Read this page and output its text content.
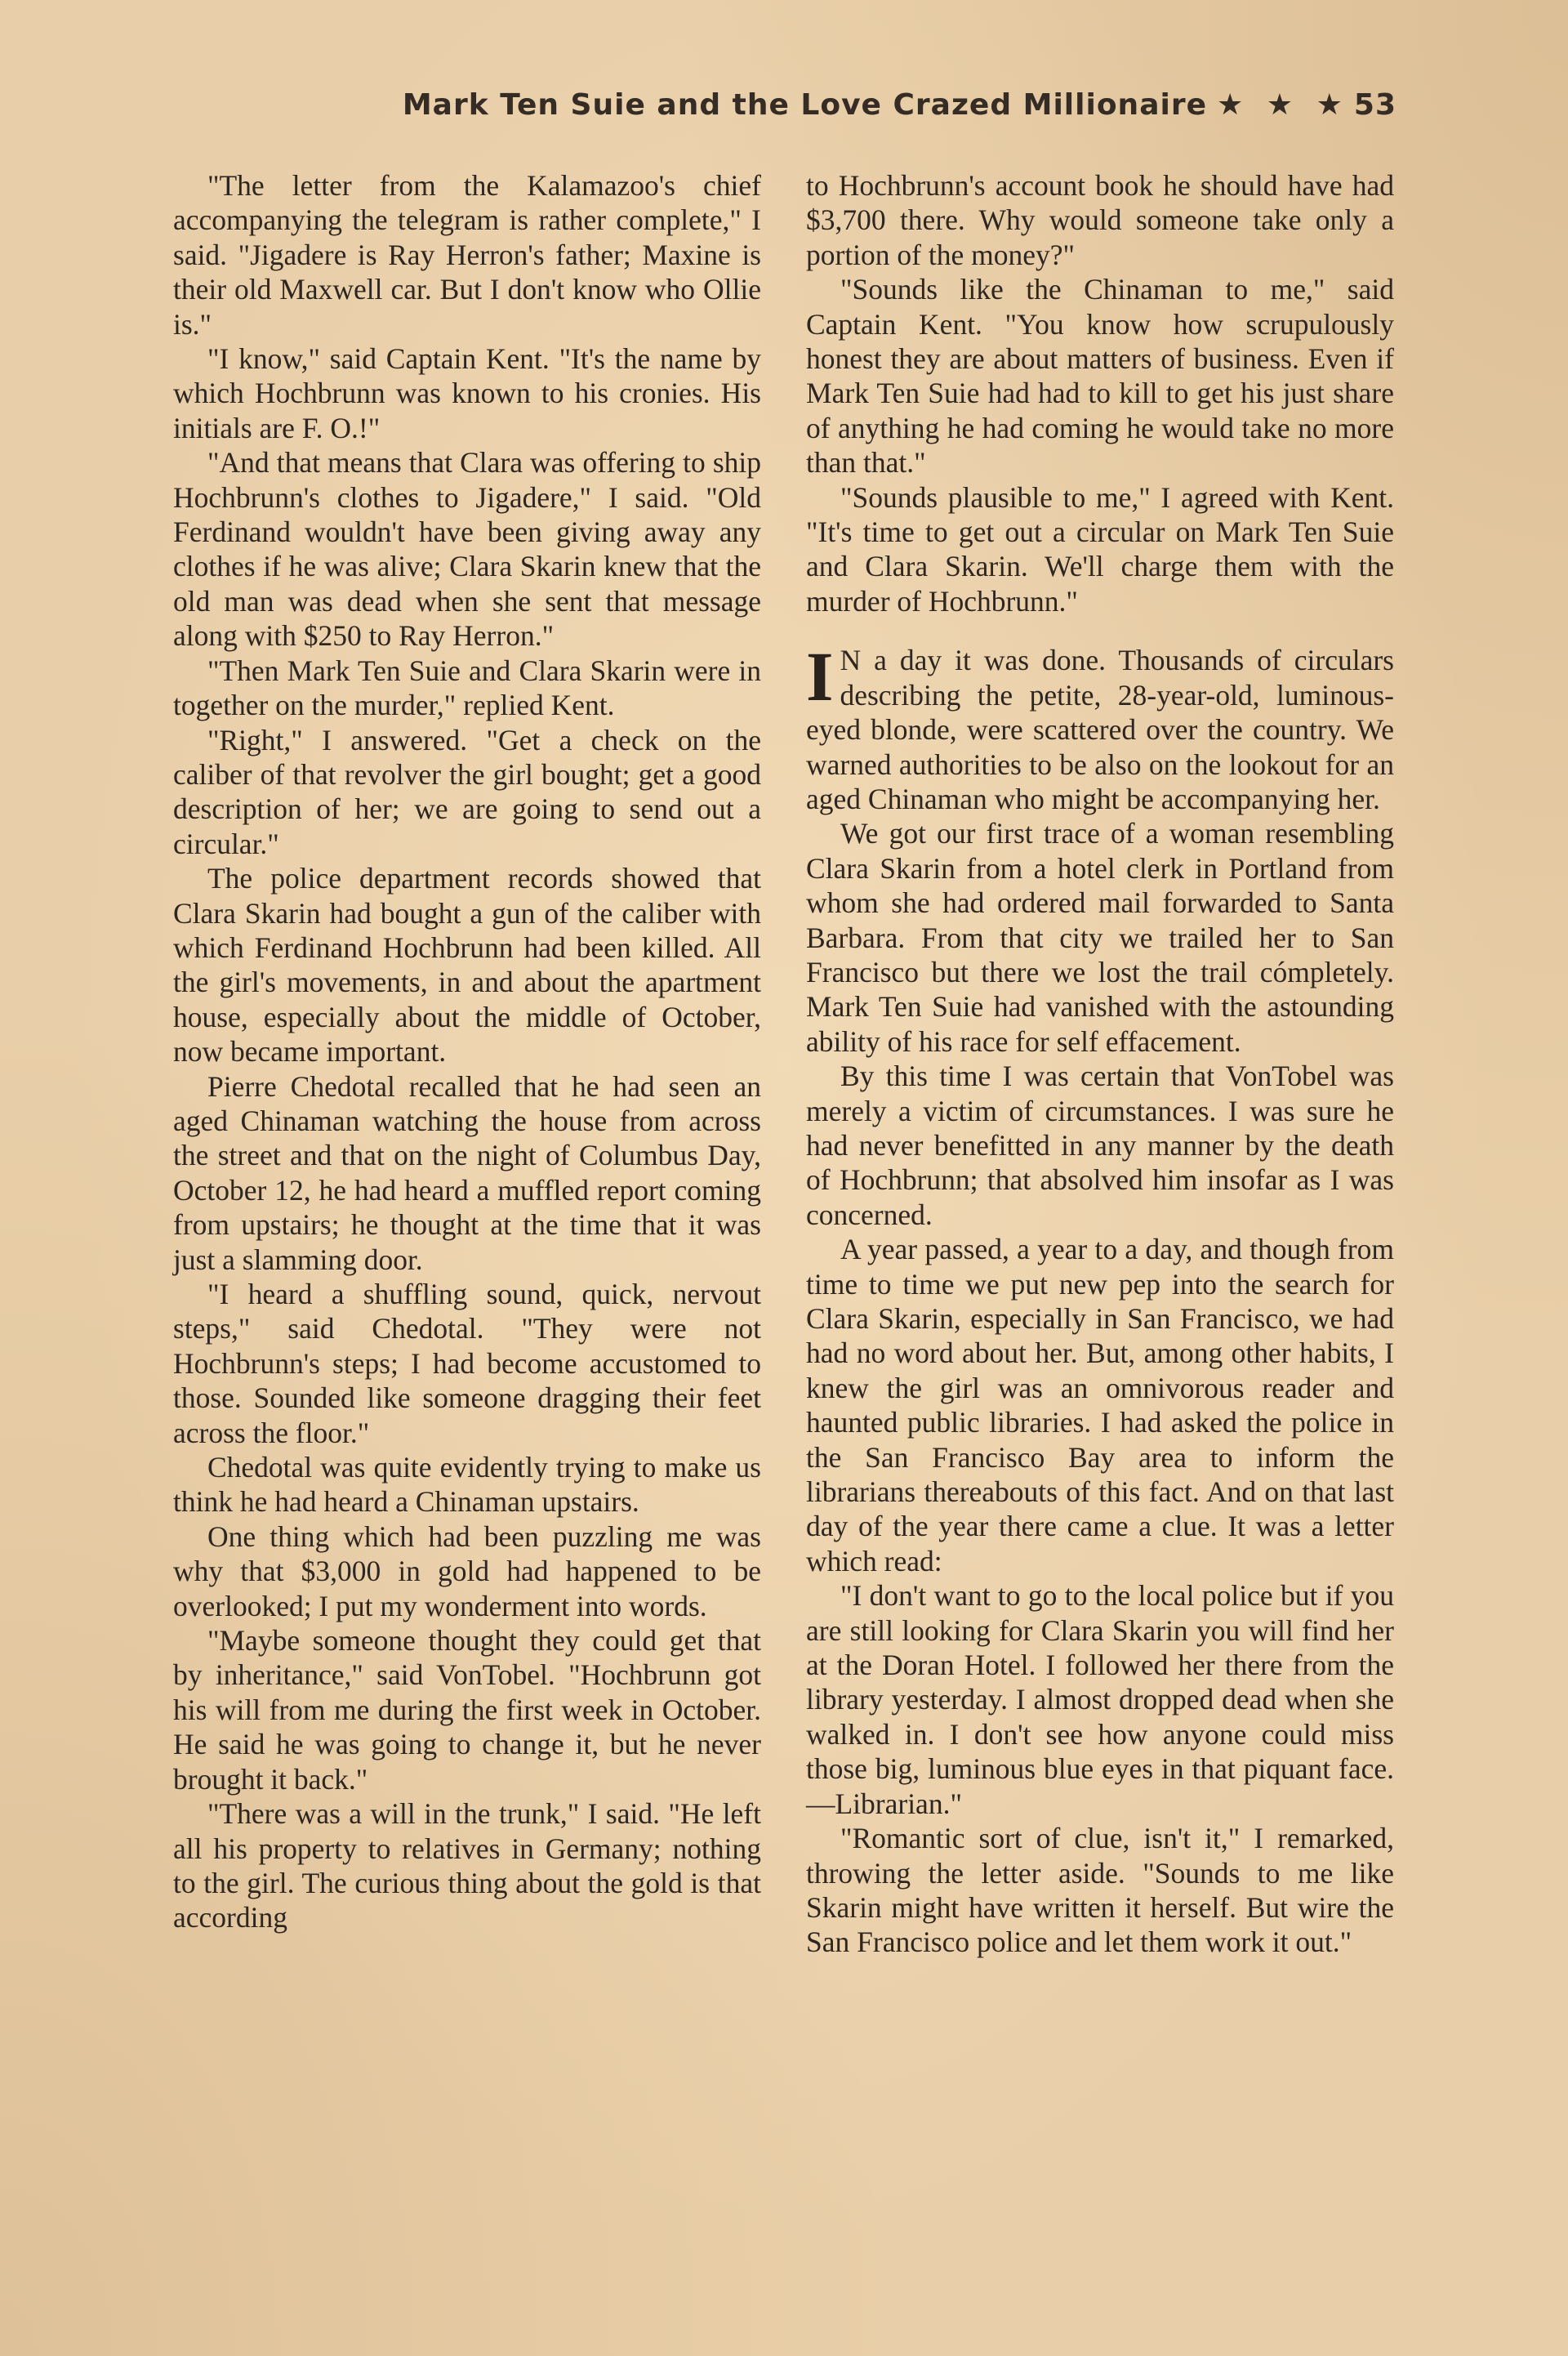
Mark Ten Suie and the Love Crazed Millionaire ★ ★ ★ 53

"The letter from the Kalamazoo's chief accompanying the telegram is rather complete," I said. "Jigadere is Ray Herron's father; Maxine is their old Maxwell car. But I don't know who Ollie is."

"I know," said Captain Kent. "It's the name by which Hochbrunn was known to his cronies. His initials are F. O.!"

"And that means that Clara was offering to ship Hochbrunn's clothes to Jigadere," I said. "Old Ferdinand wouldn't have been giving away any clothes if he was alive; Clara Skarin knew that the old man was dead when she sent that message along with $250 to Ray Herron."

"Then Mark Ten Suie and Clara Skarin were in together on the murder," replied Kent.

"Right," I answered. "Get a check on the caliber of that revolver the girl bought; get a good description of her; we are going to send out a circular."

The police department records showed that Clara Skarin had bought a gun of the caliber with which Ferdinand Hochbrunn had been killed. All the girl's movements, in and about the apartment house, especially about the middle of October, now became important.

Pierre Chedotal recalled that he had seen an aged Chinaman watching the house from across the street and that on the night of Columbus Day, October 12, he had heard a muffled report coming from upstairs; he thought at the time that it was just a slamming door.

"I heard a shuffling sound, quick, nervout steps," said Chedotal. "They were not Hochbrunn's steps; I had become accustomed to those. Sounded like someone dragging their feet across the floor."

Chedotal was quite evidently trying to make us think he had heard a Chinaman upstairs.

One thing which had been puzzling me was why that $3,000 in gold had happened to be overlooked; I put my wonderment into words.

"Maybe someone thought they could get that by inheritance," said VonTobel. "Hochbrunn got his will from me during the first week in October. He said he was going to change it, but he never brought it back."

"There was a will in the trunk," I said. "He left all his property to relatives in Germany; nothing to the girl. The curious thing about the gold is that according

to Hochbrunn's account book he should have had $3,700 there. Why would someone take only a portion of the money?"

"Sounds like the Chinaman to me," said Captain Kent. "You know how scrupulously honest they are about matters of business. Even if Mark Ten Suie had had to kill to get his just share of anything he had coming he would take no more than that."

"Sounds plausible to me," I agreed with Kent. "It's time to get out a circular on Mark Ten Suie and Clara Skarin. We'll charge them with the murder of Hochbrunn."

I N a day it was done. Thousands of circulars describing the petite, 28-year-old, luminous-eyed blonde, were scattered over the country. We warned authorities to be also on the lookout for an aged Chinaman who might be accompanying her.

We got our first trace of a woman resembling Clara Skarin from a hotel clerk in Portland from whom she had ordered mail forwarded to Santa Barbara. From that city we trailed her to San Francisco but there we lost the trail cómpletely. Mark Ten Suie had vanished with the astounding ability of his race for self effacement.

By this time I was certain that VonTobel was merely a victim of circumstances. I was sure he had never benefitted in any manner by the death of Hochbrunn; that absolved him insofar as I was concerned.

A year passed, a year to a day, and though from time to time we put new pep into the search for Clara Skarin, especially in San Francisco, we had had no word about her. But, among other habits, I knew the girl was an omnivorous reader and haunted public libraries. I had asked the police in the San Francisco Bay area to inform the librarians thereabouts of this fact. And on that last day of the year there came a clue. It was a letter which read:

"I don't want to go to the local police but if you are still looking for Clara Skarin you will find her at the Doran Hotel. I followed her there from the library yesterday. I almost dropped dead when she walked in. I don't see how anyone could miss those big, luminous blue eyes in that piquant face.—Librarian."

"Romantic sort of clue, isn't it," I remarked, throwing the letter aside. "Sounds to me like Skarin might have written it herself. But wire the San Francisco police and let them work it out."
